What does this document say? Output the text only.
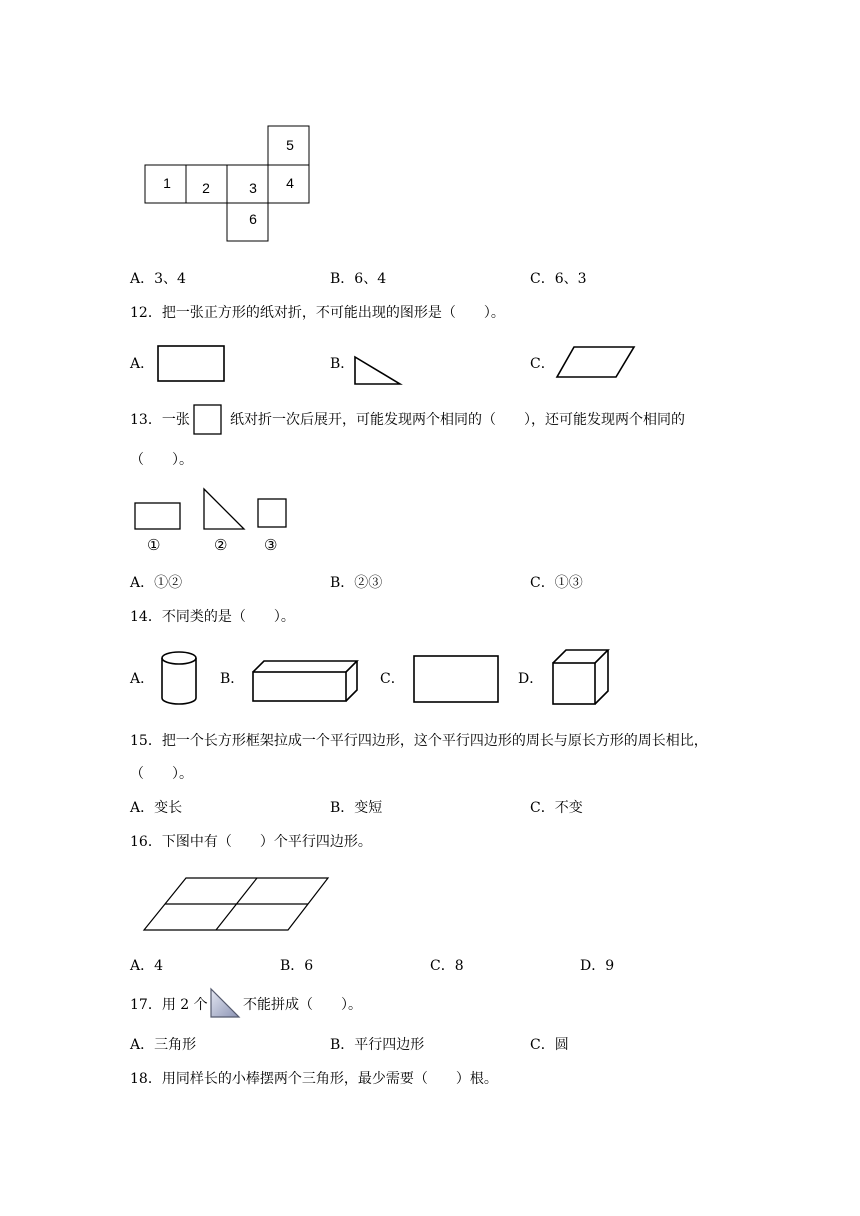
1 2	3 4
5
6
A．3、4	B．6、4	C．6、3
12．把一张正方形的纸对折，不可能出现的图形是（　　）。
A．	B．	C．
13．一张	纸对折一次后展开，可能发现两个相同的（　　），还可能发现两个相同的
（　　）。
①	② ③
A．①②	B．②③	C．①③
14．不同类的是（　　）。
A．	B．	C．	D．
15．把一个长方形框架拉成一个平行四边形，这个平行四边形的周长与原长方形的周长相比，
（　　）。
A．变长	B．变短	C．不变
16．下图中有（　　）个平行四边形。
A．4	B．6	C．8	D．9
17．用 2 个	不能拼成（　　）。
A．三角形	B．平行四边形	C．圆
18．用同样长的小棒摆两个三角形，最少需要（　　）根。
